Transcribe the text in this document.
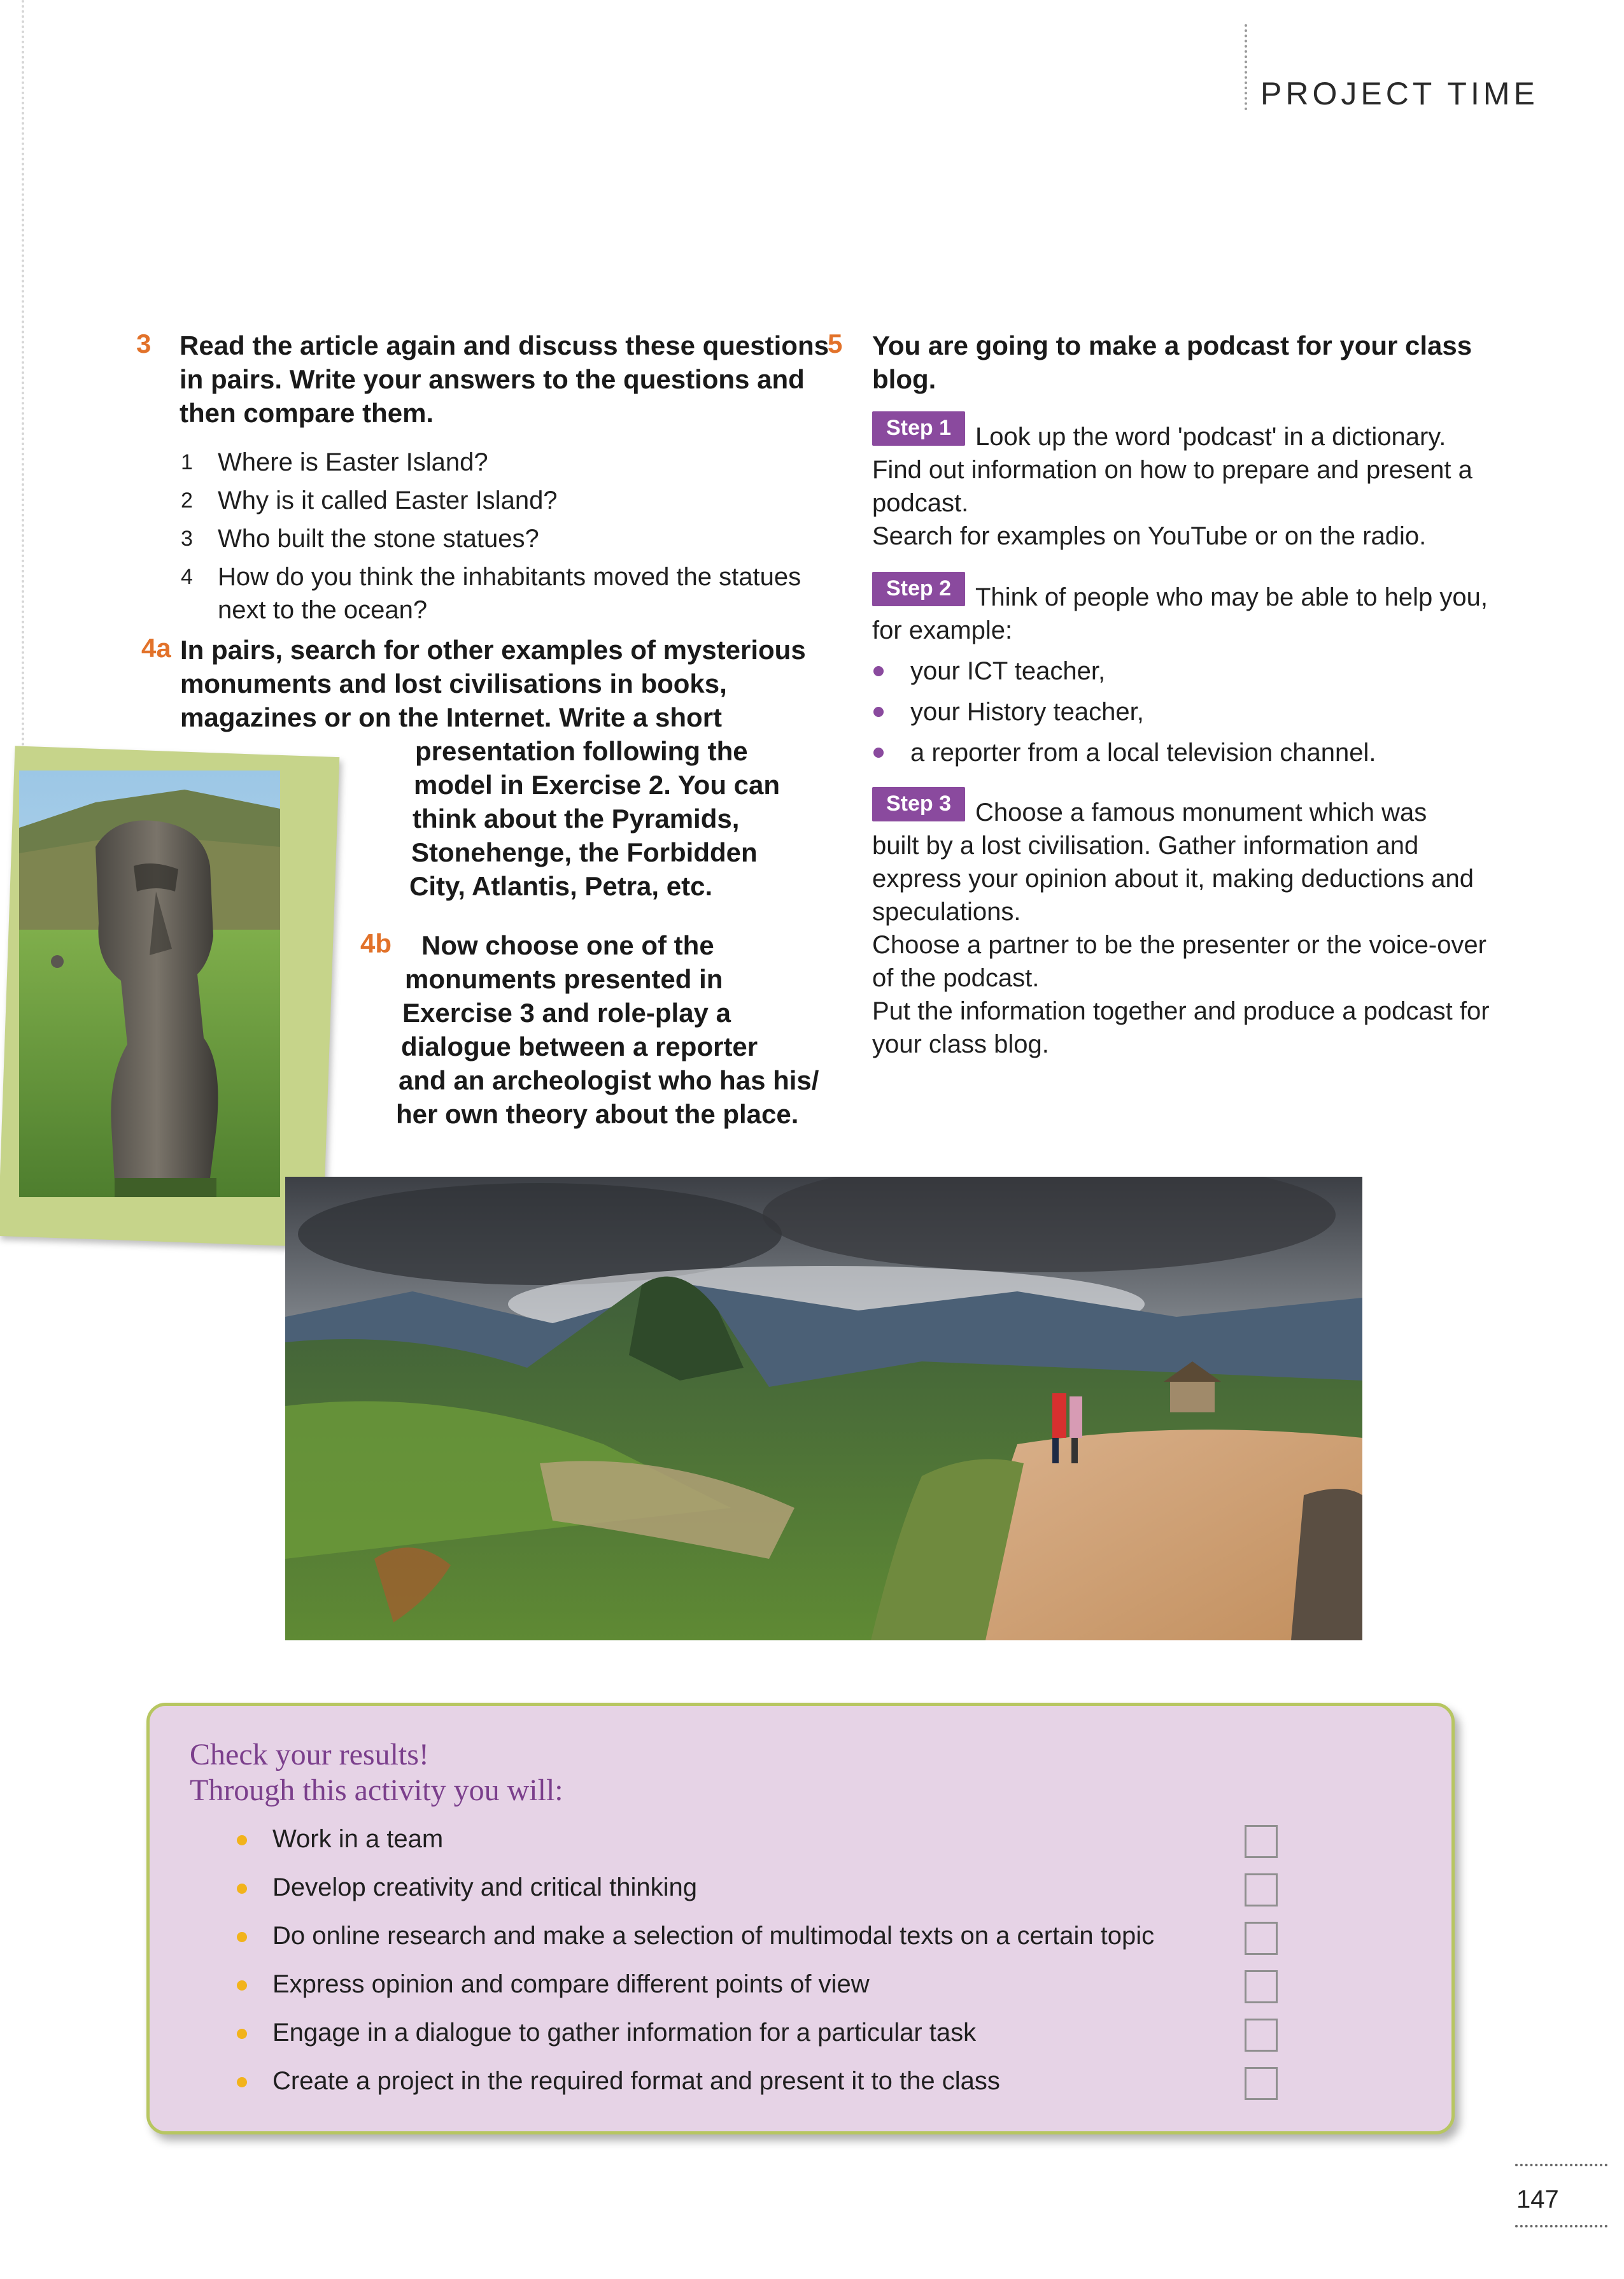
PROJECT TIME
3 Read the article again and discuss these questions
in pairs. Write your answers to the questions and
then compare them.
1 Where is Easter Island?
2 Why is it called Easter Island?
3 Who built the stone statues?
4 How do you think the inhabitants moved the statues
next to the ocean?
4a In pairs, search for other examples of mysterious
monuments and lost civilisations in books,
magazines or on the Internet. Write a short
presentation following the
model in Exercise 2. You can
think about the Pyramids,
Stonehenge, the Forbidden
City, Atlantis, Petra, etc.
4b Now choose one of the
monuments presented in
Exercise 3 and role-play a
dialogue between a reporter
and an archeologist who has his/
her own theory about the place.
5 You are going to make a podcast for your class
blog.
Step 1 Look up the word 'podcast' in a dictionary.
Find out information on how to prepare and present a
podcast.
Search for examples on YouTube or on the radio.
Step 2 Think of people who may be able to help you,
for example:
your ICT teacher,
your History teacher,
a reporter from a local television channel.
Step 3 Choose a famous monument which was
built by a lost civilisation. Gather information and
express your opinion about it, making deductions and
speculations.
Choose a partner to be the presenter or the voice-over
of the podcast.
Put the information together and produce a podcast for
your class blog.
Check your results!
Through this activity you will:
Work in a team
Develop creativity and critical thinking
Do online research and make a selection of multimodal texts on a certain topic
Express opinion and compare different points of view
Engage in a dialogue to gather information for a particular task
Create a project in the required format and present it to the class
147
